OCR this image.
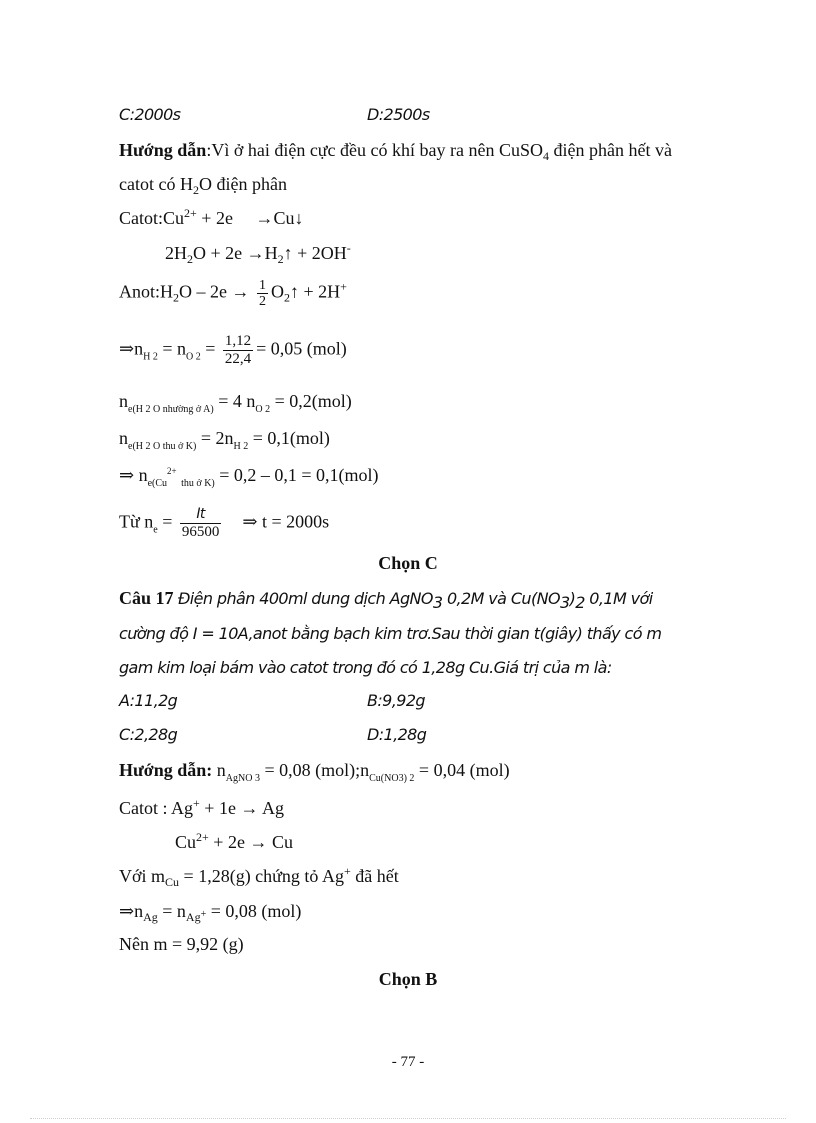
C:2000s	D:2500s
Hướng dẫn:Vì ở hai điện cực đều có khí bay ra nên CuSO$_4$ điện phân hết và
catot có $H_2O$ điện phân
$Catot:Cu^{2+} + 2e$ →Cu↓
$2H_2O + 2e$ $\to H_2↑ + 2OH^-$
$Anot:H_2O - 2e \to \frac{1}{2}$ $O_2↑ + 2H^+$
$\Rightarrow n_{H 2} = n_{O 2} = \frac{1,12}{22,4} = 0,05$ (mol)
$n_{e(H 2 O nhường ở A)} = 4$ $n_{O 2} = 0,2(mol)$
$n_{e(H 2 O thu ở K)} = 2n_{H 2} = 0,1(mol)$
⇒ $n_{e(Cu}^{2+}$ $_{thu ở K)}$ = 0,2 – 0,1 = 0,1(mol)
Từ $n_e = \frac{It}{96500}$ ⇒ t = 2000s
Chọn C
Câu 17 Điện phân 400ml dung dịch AgNO$_3$ 0,2M và $Cu(NO_3)_2$ 0,1M với
cường độ I = 10A,anot bằng bạch kim trơ.Sau thời gian t(giây) thấy có m
gam kim loại bám vào catot trong đó có 1,28g Cu.Giá trị của m là:
A:11,2g	B:9,92g
C:2,28g	D:1,28g
Hướng dẫn: $n_{AgNO 3} = 0,08$ $(mol);n_{Cu(NO3) 2} = 0,04$ (mol)
Catot : Ag+ + 1e → Ag
$Cu^{2+} + 2e \to Cu$
Với $m_{Cu} = 1,28(g)$ chứng tỏ Ag+ đã hết
$\Rightarrow n_{Ag} = n_{Ag^+} = 0,08$ (mol)
Nên m = 9,92 (g)
Chọn B
- 77 -
